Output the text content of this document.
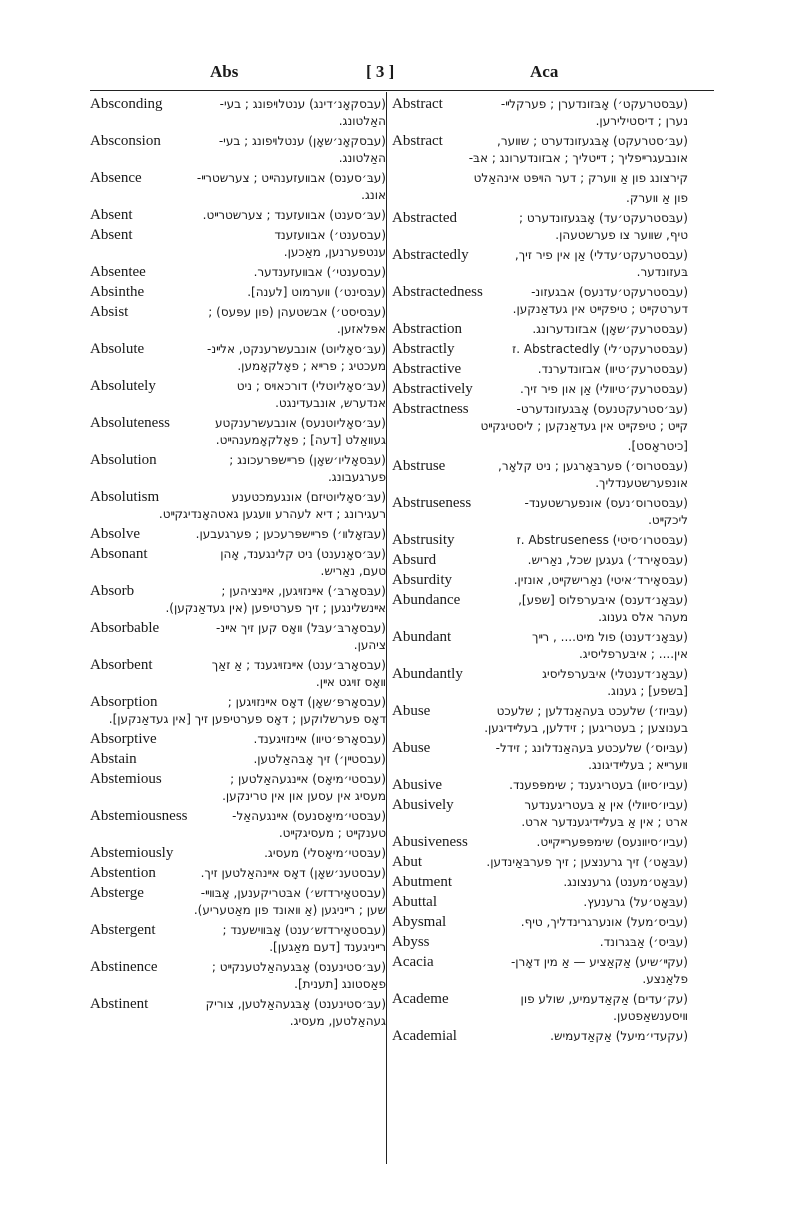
Abs	[ 3 ]	Aca
Absconding	(עבסקאָנ׳דינג) ענטלױפונג ; בעי-
האַלטונג.
Absconsion	(עבסקאָנ׳שאָן) ענטלױפונג ; בעי-
האַלטונג.
Absence	(עבּ׳סענס) אבװעזענהײט ; צערשטרײ-
אונג.
Absent	(עבּ׳סענט) אבװעזענד ; צערשטרײט.
Absent	(עבסענט׳) אבװעזענד
ענטפערנען, מאַכען.
Absentee	(עבסענטי׳) אבװעזענדער.
Absinthe	(עבּסינט׳) װערמוט [לענה].
Absist	(עבּסיסט׳) אבשטעהן (פון עפּעס) ;
אפּלאזען.
Absolute	(עבּ׳סאָליוט) אונבעשרענקט, אלײנ-
מעכטיג ; פרײא ; פאָלקאָמען.
Absolutely	(עבּ׳סאָליוטלי) דורכאױס ; ניט
אנדערש, אונבעדינגט.
Absoluteness	(עבּ׳סאָליוטנעס) אונבעשרענקטע
געװאַלט [דעה] ; פאָלקאָמענהײט.
Absolution	(עבּסאָליו׳שאָן) פרײשפּרעכונג ;
פערגעבונג.
Absolutism	(עבּ׳סאָליוטיזם) אונגעמכטענע
רעגירונג ; דיא לעהרע װעגען גאטהאָנדיגקײט.
Absolve	(עבּזאָלװ׳) פרײשפּרעכען ; פערגעבען.
Absonant	(עבּ׳סאָנענט) ניט קלינגענד, אָהן
טעם, נאַריש.
Absorb	(עבּסאָרבּ׳) אײנזױגען, אײנציהען ;
אײנשלינגען ; זיך פערטיפען (אין געדאַנקען).
Absorbable	(עבסאָרבּ׳עבּל) װאָס קען זיך אײנ-
ציהען.
Absorbent	(עבסאָרבּ׳ענט) אײנזױגענד ; אַ זאַך
װאָס זױגט אײן.
Absorption	(עבסאָרפּ׳שאָן) דאָס אײנזױגען ;
דאָס פערשלוקען ; דאָס פערטיפען זיך [אין געדאַנקען].
Absorptive	(עבסאָרפּ׳טיװ) אײנזױגענד.
Abstain	(עבסטײן׳) זיך אָבּהאַלטען.
Abstemious	(עבסטי׳מיאָס) אײנגעהאַלטען ;
מעסיג אין עסען און אין טרינקען.
Abstemiousness	(עבּסטי׳מיאָסנעס) אײנגעהאַל-
טענקײט ; מעסיגקײט.
Abstemiously	(עבּסטי׳מיאָסלי) מעסיג.
Abstention	(עבסטענ׳שאָן) דאָס אײנהאַלטען זיך.
Absterge	(עבסטאָירדזש׳) אבּטריקענען, אָבּװײ-
שען ; רײניגען (אַ װאונד פון מאַטעריע).
Abstergent	(עבסטאָירדזש׳ענט) אָבּװישענד ;
רײניגענד [דעם מאַגען].
Abstinence	(עבּ׳סטינענס) אָבּגעהאַלטענקײט ;
פאַסטונג [תענית].
Abstinent	(עבּ׳סטינענט) אָבּגעהאַלטען, צוריק
געהאַלטען, מעסיג.
Abstract	(עבּסטרעקט׳) אָבּזונדערן ; פערקלײ-
נערן ; דיסטילירען.
Abstract	(עבּ׳סטרעקט) אָבּגעזונדערט ; שװער,
אונבעגרײפליך ; דײטליך ; אבזונדערונג ; אבּ-
קירצונג פון אַ װערק ; דער הױפּט אינהאַלט
פון אַ װערק.
Abstracted	(עבּסטרעקט׳עד) אָבּגעזונדערט ;
טיף, שװער צו פערשטעהן.
Abstractedly	(עבסטרעקט׳עדלי) אַן אין פיר זיך,
בּעזונדער.
Abstractedness	(עבסטרעקט׳עדנעס) אבגעזונ-
דערטקײט ; טיפקײט אין געדאַנקען.
Abstraction	(עבּסטרעק׳שאָן) אבזונדערונג.
Abstractly	(עבּסטרעקט׳לי) Abstractedly .ז
Abstractive	(עבּסטרעק׳טיװ) אבזונדערנד.
Abstractively	(עבּסטרעק׳טיװלי) אַן און פיר זיך.
Abstractness	(עבּ׳סטרעקטנעס) אָבּגעזונדערט-
קײט ; טיפקײט אין געדאַנקען ; ליסטיגקײט
[כיטראָסט].
Abstruse	(עבּסטרוס׳) פערבּאָרגען ; ניט קלאָר,
אונפערשטענדליך.
Abstruseness	(עבּסטרוס׳נעס) אונפערשטענד-
ליכקײט.
Abstrusity	(עבּסטרו׳סיטי) Abstruseness .ז
Absurd	(עבּסאָירד׳) געגען שכל, נאַריש.
Absurdity	(עבּסאָירד׳איטי) נאַרישקײט, אונזין.
Abundance	(עבּאָנ׳דענס) איבּערפלוס [שפע],
מעהר אלס גענוג.
Abundant	(עבּאָנ׳דענט) פול מיט.... , רײך
אין.... ; איבּערפליסיג.
Abundantly	(עבּאָנ׳דענטלי) איבּערפליסיג
[בשפע] ; גענוג.
Abuse	(עבּיוז׳) שלעכט בּעהאַנדלען ; שלעכט
בענוצען ; בעטריגען ; זידלען, בעלײדיגען.
Abuse	(עבּיוס׳) שלעכטע בּעהאַנדלונג ; זידל-
װערײא ; בּעלײדיגונג.
Abusive	(עביו׳סיװ) בעטריגענד ; שימפּפענד.
Abusively	(עביו׳סיװלי) אין אַ בּעטריגענדער
ארט ; אין אַ בּעלײדיגענדער ארט.
Abusiveness	(עביו׳סיװנעס) שימפּפּערײקײט.
Abut	(עבּאָט׳) זיך גרענצען ; זיך פערבּאַינדען.
Abutment	(עבּאָט׳מענט) גרענצונג.
Abuttal	(עבּאָט׳על) גרענעץ.
Abysmal	(עביס׳מעל) אונערגרינדליך, טיף.
Abyss	(עבּיס׳) אַבּגרונד.
Acacia	(עקײ׳שיע) אַקאַציע — אַ מין דאָרן-
פלאַנצע.
Academe	(עק׳עדים) אַקאַדעמיע, שולע פון
װיסענשאַפטען.
Academial	(עקעדי׳מיעל) אַקאַדעמיש.
